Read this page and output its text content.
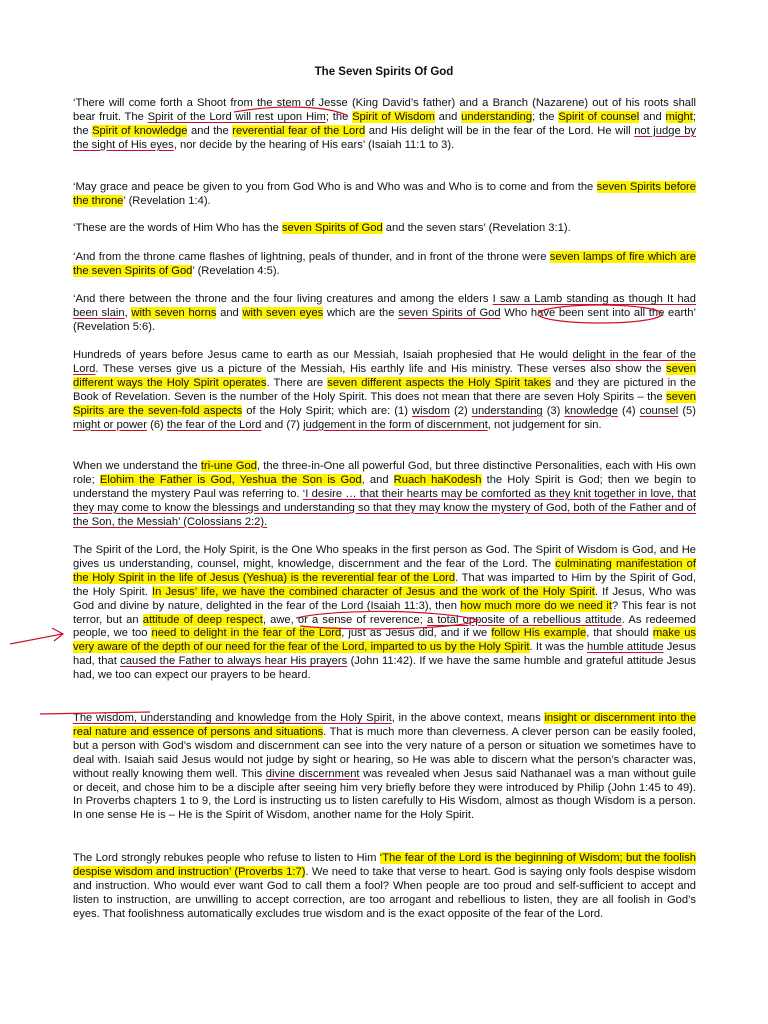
The Seven Spirits Of God

‘There will come forth a Shoot from the stem of Jesse (King David’s father) and a Branch (Nazarene) out of his roots shall bear fruit. The Spirit of the Lord will rest upon Him; the Spirit of Wisdom and understanding; the Spirit of counsel and might; the Spirit of knowledge and the reverential fear of the Lord and His delight will be in the fear of the Lord. He will not judge by the sight of His eyes, nor decide by the hearing of His ears’ (Isaiah 11:1 to 3).

‘May grace and peace be given to you from God Who is and Who was and Who is to come and from the seven Spirits before the throne’ (Revelation 1:4).

‘These are the words of Him Who has the seven Spirits of God and the seven stars’ (Revelation 3:1).

‘And from the throne came flashes of lightning, peals of thunder, and in front of the throne were seven lamps of fire which are the seven Spirits of God’ (Revelation 4:5).

‘And there between the throne and the four living creatures and among the elders I saw a Lamb standing as though It had been slain, with seven horns and with seven eyes which are the seven Spirits of God Who have been sent into all the earth’ (Revelation 5:6).

Hundreds of years before Jesus came to earth as our Messiah, Isaiah prophesied that He would delight in the fear of the Lord. These verses give us a picture of the Messiah, His earthly life and His ministry. These verses also show the seven different ways the Holy Spirit operates. There are seven different aspects the Holy Spirit takes and they are pictured in the Book of Revelation. Seven is the number of the Holy Spirit. This does not mean that there are seven Holy Spirits – the seven Spirits are the seven-fold aspects of the Holy Spirit; which are: (1) wisdom (2) understanding (3) knowledge (4) counsel (5) might or power (6) the fear of the Lord and (7) judgement in the form of discernment, not judgement for sin.

When we understand the tri-une God, the three-in-One all powerful God, but three distinctive Personalities, each with His own role; Elohim the Father is God, Yeshua the Son is God, and Ruach haKodesh the Holy Spirit is God; then we begin to understand the mystery Paul was referring to. ‘I desire … that their hearts may be comforted as they knit together in love, that they may come to know the blessings and understanding so that they may know the mystery of God, both of the Father and of the Son, the Messiah’ (Colossians 2:2).

The Spirit of the Lord, the Holy Spirit, is the One Who speaks in the first person as God. The Spirit of Wisdom is God, and He gives us understanding, counsel, might, knowledge, discernment and the fear of the Lord. The culminating manifestation of the Holy Spirit in the life of Jesus (Yeshua) is the reverential fear of the Lord. That was imparted to Him by the Spirit of God, the Holy Spirit. In Jesus’ life, we have the combined character of Jesus and the work of the Holy Spirit. If Jesus, Who was God and divine by nature, delighted in the fear of the Lord (Isaiah 11:3), then how much more do we need it? This fear is not terror, but an attitude of deep respect, awe, or a sense of reverence; a total opposite of a rebellious attitude. As redeemed people, we too need to delight in the fear of the Lord, just as Jesus did, and if we follow His example, that should make us very aware of the depth of our need for the fear of the Lord, imparted to us by the Holy Spirit. It was the humble attitude Jesus had, that caused the Father to always hear His prayers (John 11:42). If we have the same humble and grateful attitude Jesus had, we too can expect our prayers to be heard.

The wisdom, understanding and knowledge from the Holy Spirit, in the above context, means insight or discernment into the real nature and essence of persons and situations. That is much more than cleverness. A clever person can be easily fooled, but a person with God’s wisdom and discernment can see into the very nature of a person or situation we sometimes have to deal with. Isaiah said Jesus would not judge by sight or hearing, so He was able to discern what the person’s character was, without really knowing them well. This divine discernment was revealed when Jesus said Nathanael was a man without guile or deceit, and chose him to be a disciple after seeing him very briefly before they were introduced by Philip (John 1:45 to 49). In Proverbs chapters 1 to 9, the Lord is instructing us to listen carefully to His Wisdom, almost as though Wisdom is a person. In one sense He is – He is the Spirit of Wisdom, another name for the Holy Spirit.

The Lord strongly rebukes people who refuse to listen to Him ‘The fear of the Lord is the beginning of Wisdom; but the foolish despise wisdom and instruction’ (Proverbs 1:7). We need to take that verse to heart. God is saying only fools despise wisdom and instruction. Who would ever want God to call them a fool? When people are too proud and self-sufficient to accept and listen to instruction, are unwilling to accept correction, are too arrogant and rebellious to listen, they are all foolish in God’s eyes. That foolishness automatically excludes true wisdom and is the exact opposite of the fear of the Lord.
